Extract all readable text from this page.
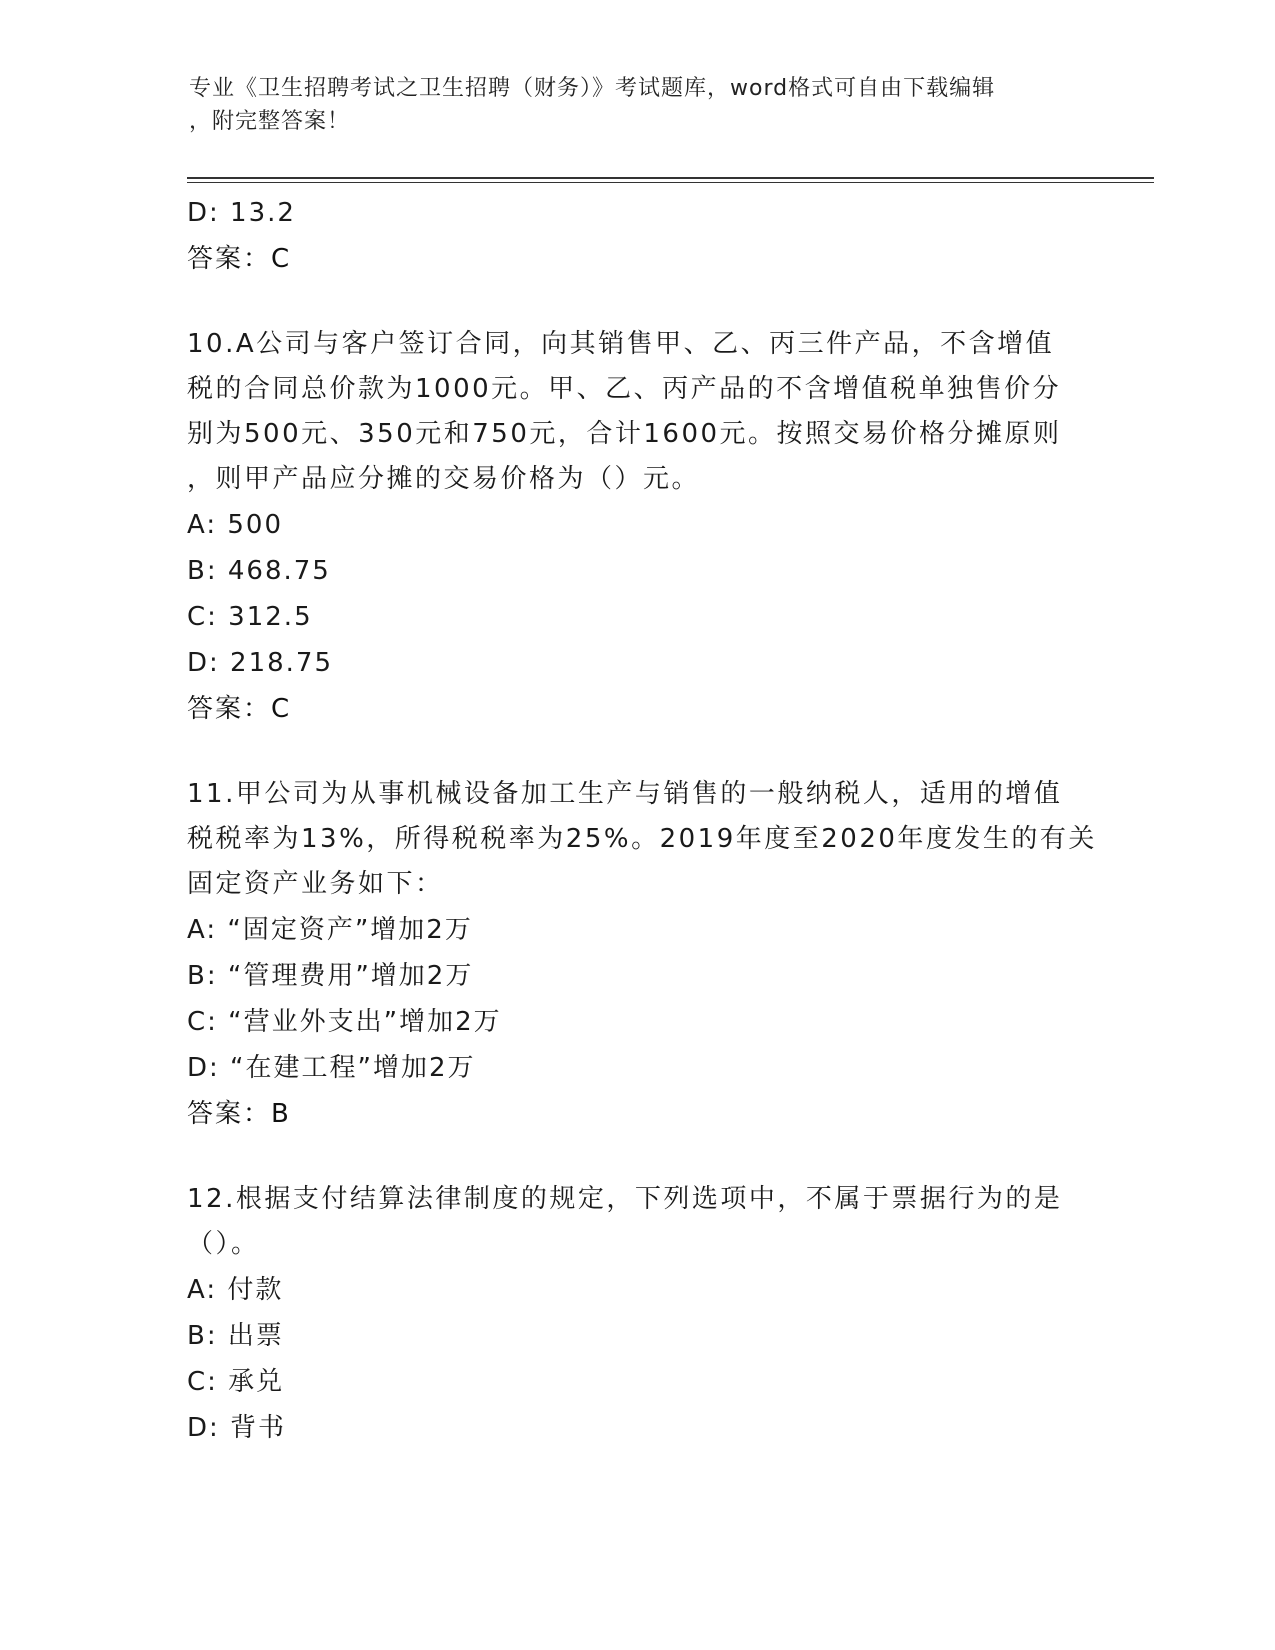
专业《卫生招聘考试之卫生招聘（财务）》考试题库，word格式可自由下载编辑
，附完整答案！
D: 13.2
答案：C
10.A公司与客户签订合同，向其销售甲、乙、丙三件产品，不含增值
税的合同总价款为1000元。甲、乙、丙产品的不含增值税单独售价分
别为500元、350元和750元，合计1600元。按照交易价格分摊原则
，则甲产品应分摊的交易价格为（）元。
A: 500
B: 468.75
C: 312.5
D: 218.75
答案：C
11.甲公司为从事机械设备加工生产与销售的一般纳税人，适用的增值
税税率为13%，所得税税率为25%。2019年度至2020年度发生的有关
固定资产业务如下：
A: “固定资产”增加2万
B: “管理费用”增加2万
C: “营业外支出”增加2万
D: “在建工程”增加2万
答案：B
12.根据支付结算法律制度的规定，下列选项中，不属于票据行为的是
（）。
A: 付款
B: 出票
C: 承兑
D: 背书
